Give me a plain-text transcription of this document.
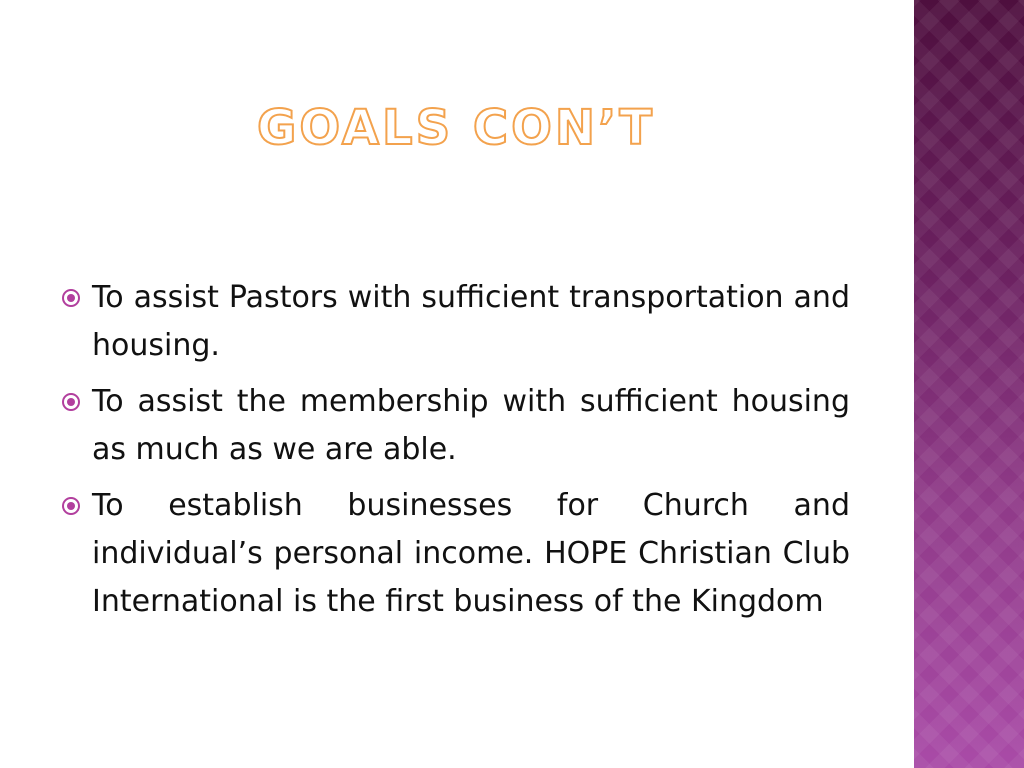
GOALS CON’T
To assist Pastors with sufficient transportation and housing.
To assist the membership with sufficient housing as much as we are able.
To establish businesses for Church and individual’s personal income. HOPE Christian Club International is the first business of the Kingdom
